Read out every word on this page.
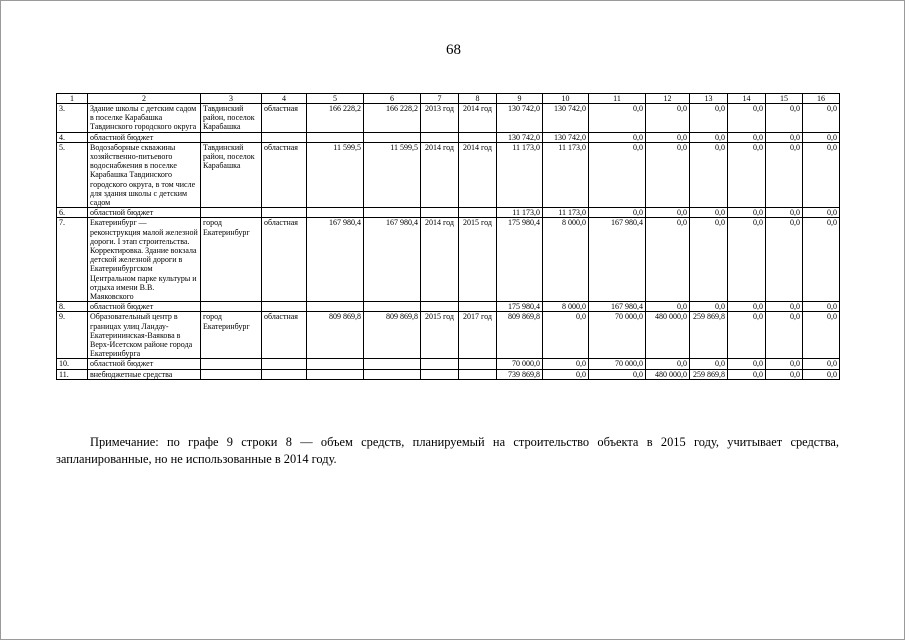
68
1	2	3	4	5	6	7	8	9	10	11	12	13	14	15	16
3.	Здание школы с детским садом в поселке Карабашка Тавдинского городского округа	Тавдинский район, поселок Карабашка	областная	166 228,2	166 228,2	2013 год	2014 год	130 742,0	130 742,0	0,0	0,0	0,0	0,0	0,0	0,0
4.	областной бюджет							130 742,0	130 742,0	0,0	0,0	0,0	0,0	0,0	0,0
5.	Водозаборные скважины хозяйственно-питьевого водоснабжения в поселке Карабашка Тавдинского городского округа, в том числе для здания школы с детским садом	Тавдинский район, поселок Карабашка	областная	11 599,5	11 599,5	2014 год	2014 год	11 173,0	11 173,0	0,0	0,0	0,0	0,0	0,0	0,0
6.	областной бюджет							11 173,0	11 173,0	0,0	0,0	0,0	0,0	0,0	0,0
7.	Екатеринбург — реконструкция малой железной дороги. I этап строительства. Корректировка. Здание вокзала детской железной дороги в Екатеринбургском Центральном парке культуры и отдыха имени В.В. Маяковского	город Екатеринбург	областная	167 980,4	167 980,4	2014 год	2015 год	175 980,4	8 000,0	167 980,4	0,0	0,0	0,0	0,0	0,0
8.	областной бюджет							175 980,4	8 000,0	167 980,4	0,0	0,0	0,0	0,0	0,0
9.	Образовательный центр в границах улиц Ландау-Екатерининская-Ваякова в Верх-Исетском районе города Екатеринбурга	город Екатеринбург	областная	809 869,8	809 869,8	2015 год	2017 год	809 869,8	0,0	70 000,0	480 000,0	259 869,8	0,0	0,0	0,0
10.	областной бюджет							70 000,0	0,0	70 000,0	0,0	0,0	0,0	0,0	0,0
11.	внебюджетные средства							739 869,8	0,0	0,0	480 000,0	259 869,8	0,0	0,0	0,0
Примечание: по графе 9 строки 8 — объем средств, планируемый на строительство объекта в 2015 году, учитывает средства, запланированные, но не использованные в 2014 году.
